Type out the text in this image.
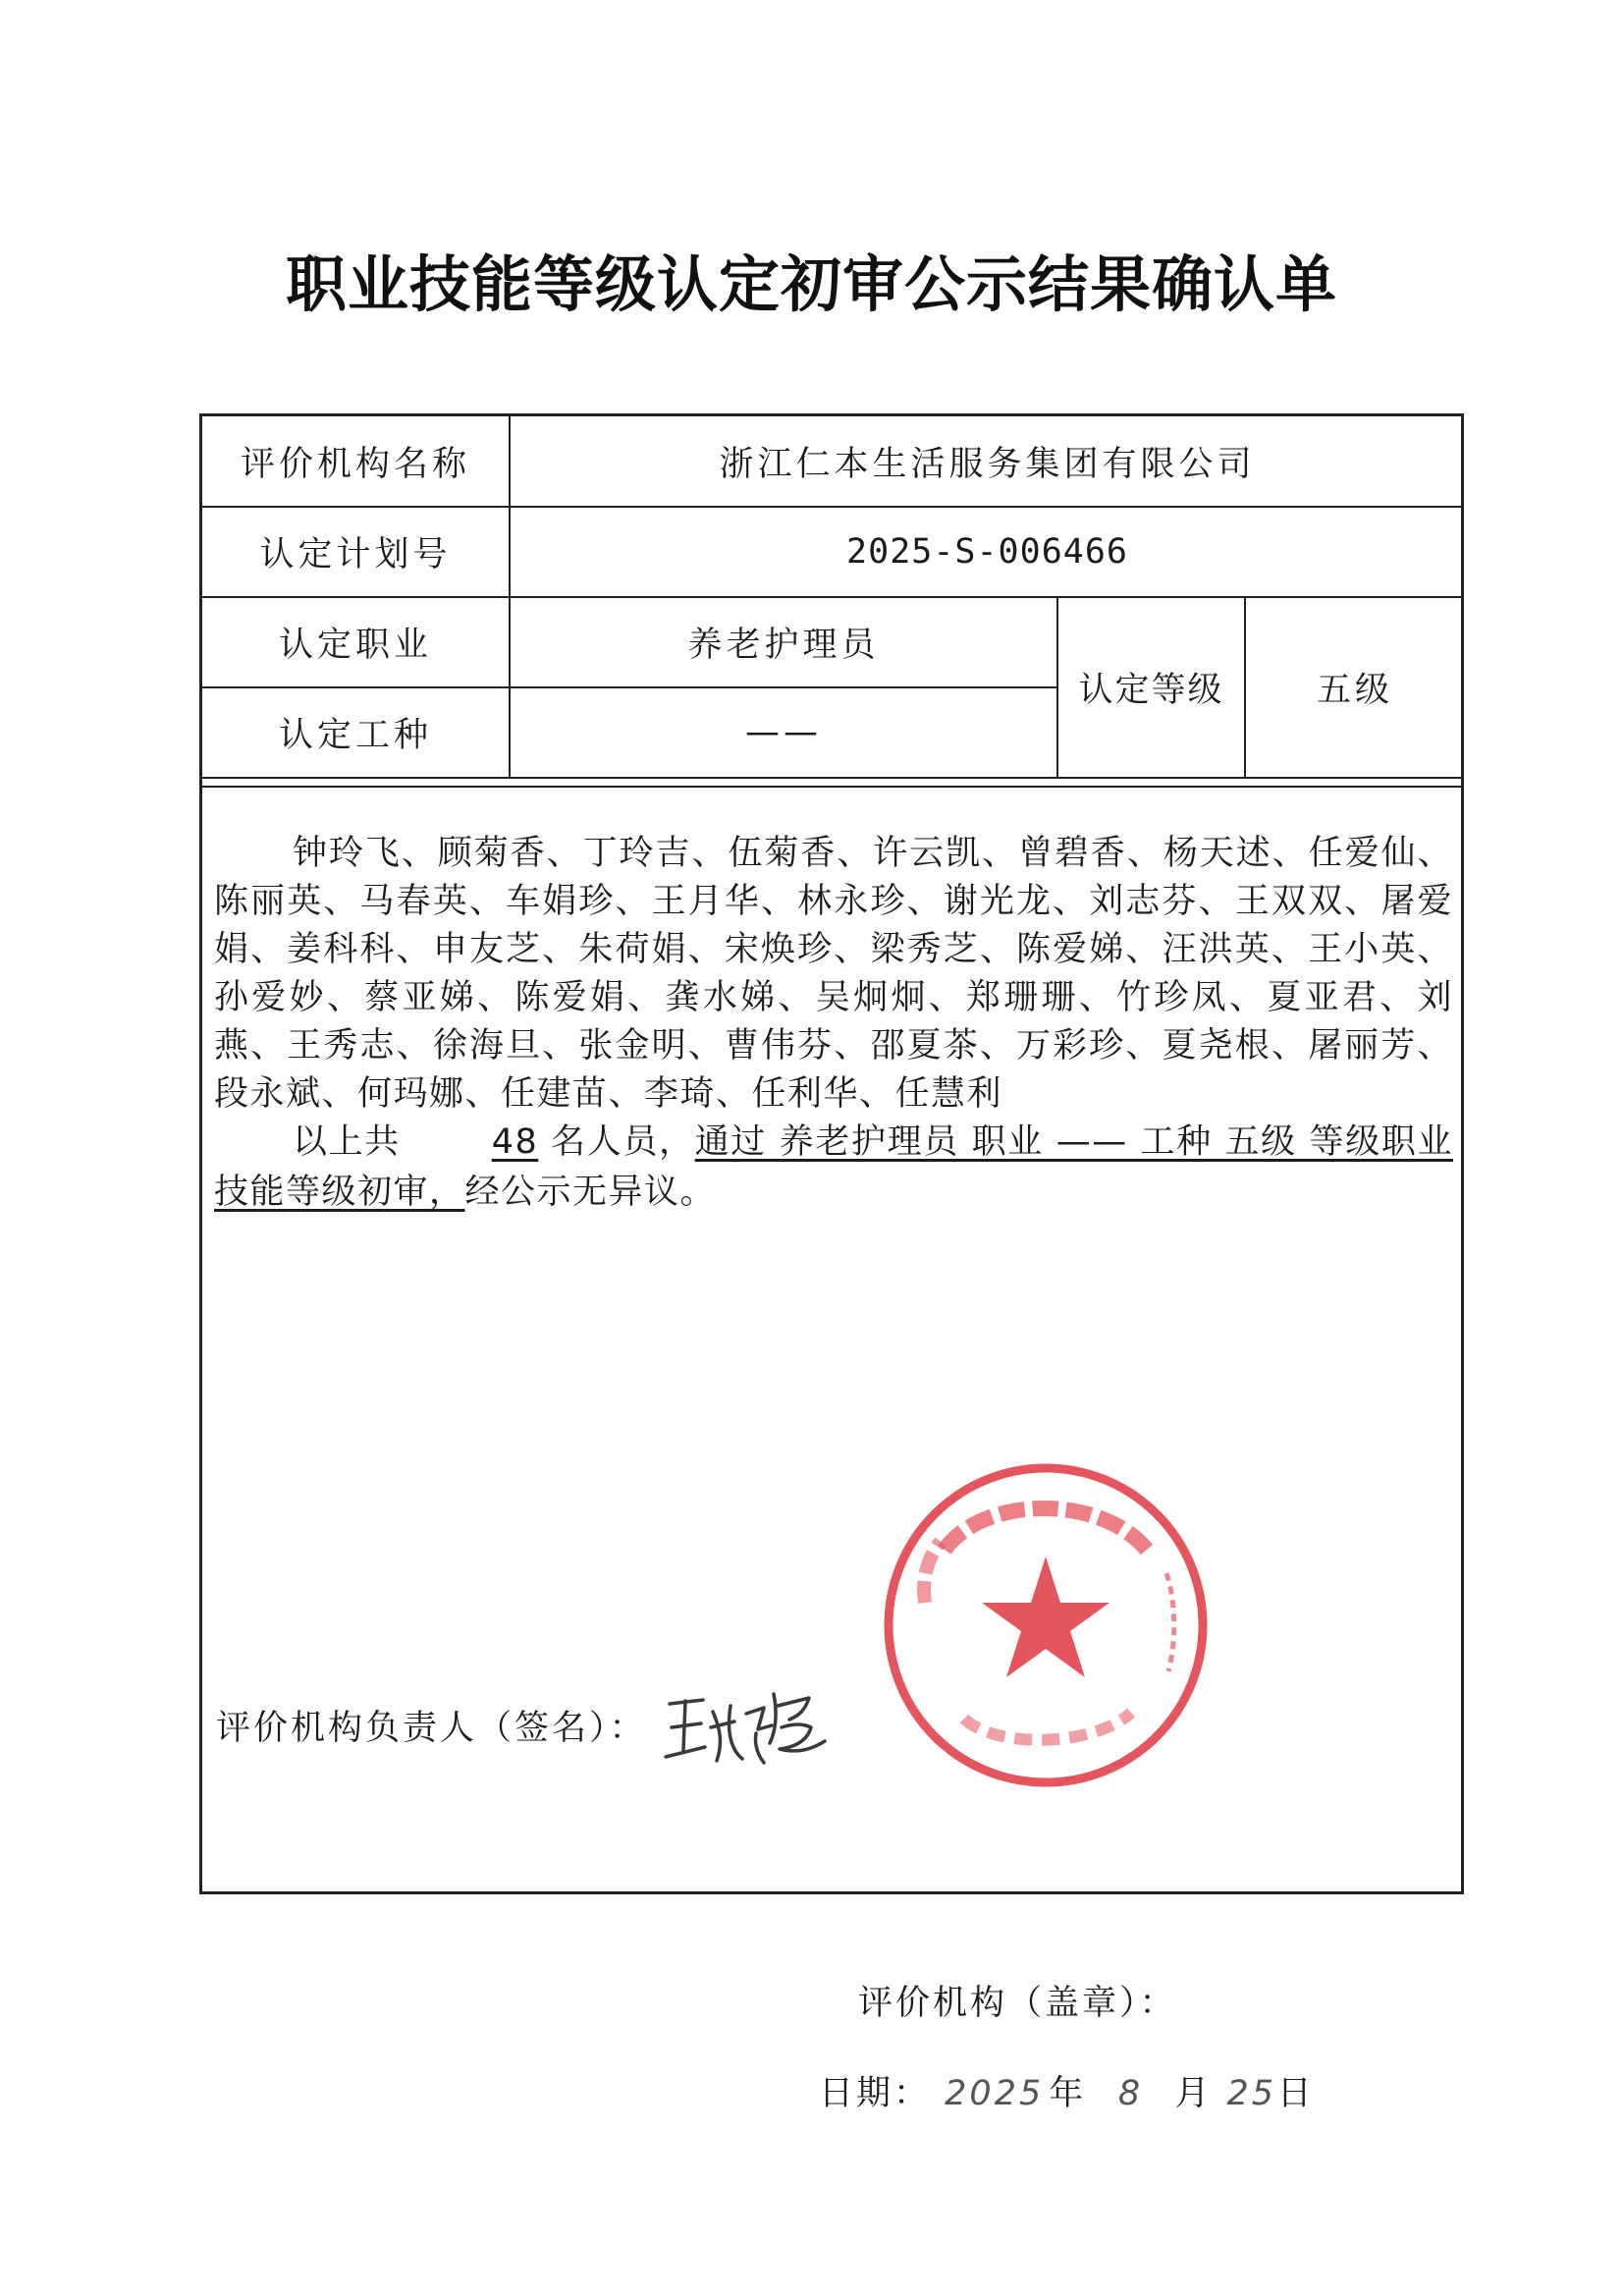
职业技能等级认定初审公示结果确认单
评价机构名称	浙江仁本生活服务集团有限公司		
认定计划号	2025-S-006466		
认定职业	养老护理员	认定等级	五级
认定工种	——		
钟玲飞、顾菊香、丁玲吉、伍菊香、许云凯、曾碧香、杨天述、任爱仙、陈丽英、马春英、车娟珍、王月华、林永珍、谢光龙、刘志芬、王双双、屠爱娟、姜科科、申友芝、朱荷娟、宋焕珍、梁秀芝、陈爱娣、汪洪英、王小英、孙爱妙、蔡亚娣、陈爱娟、龚水娣、吴炯炯、郑珊珊、竹珍凤、夏亚君、刘燕、王秀志、徐海旦、张金明、曹伟芬、邵夏茶、万彩珍、夏尧根、屠丽芳、段永斌、何玛娜、任建苗、李琦、任利华、任慧利
以上共	48 名人员，通过 养老护理员 职业 —— 工种 五级 等级职业技能等级初审，经公示无异议。
评价机构负责人（签名）：
评价机构（盖章）：
日期： 2025 年 8 月 25日
